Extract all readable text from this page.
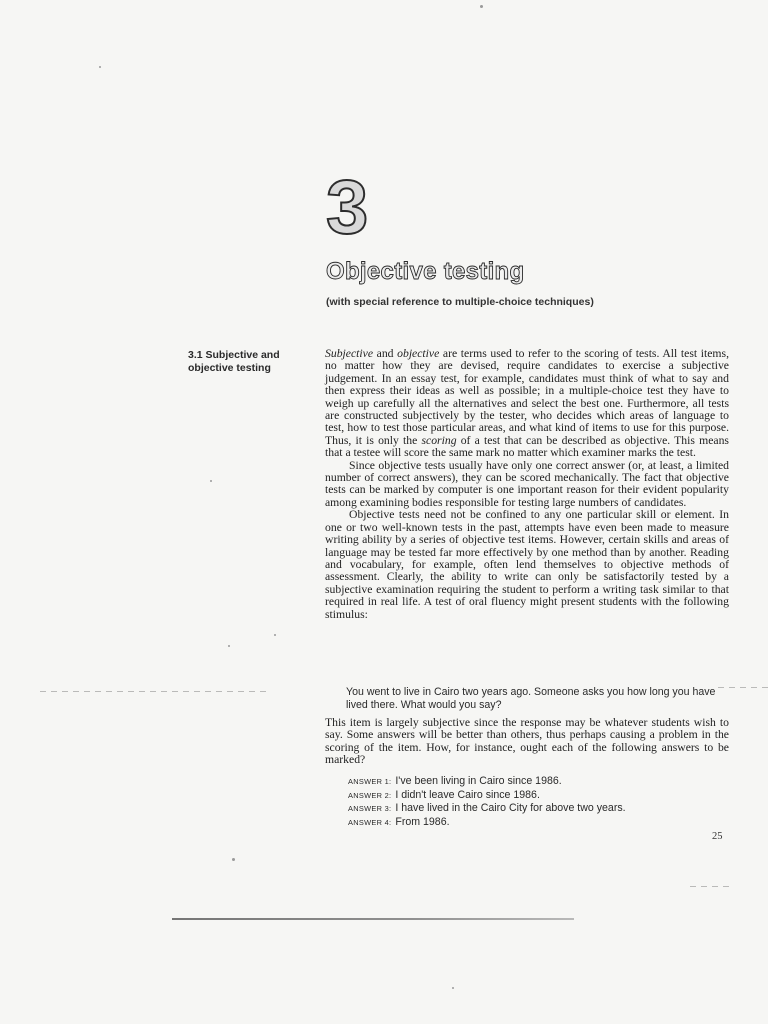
3
Objective testing
(with special reference to multiple-choice techniques)
3.1 Subjective and
objective testing

Subjective and objective are terms used to refer to the scoring of tests. All test items, no matter how they are devised, require candidates to exercise a subjective judgement. In an essay test, for example, candidates must think of what to say and then express their ideas as well as possible; in a multiple-choice test they have to weigh up carefully all the alternatives and select the best one. Furthermore, all tests are constructed subjectively by the tester, who decides which areas of language to test, how to test those particular areas, and what kind of items to use for this purpose. Thus, it is only the scoring of a test that can be described as objective. This means that a testee will score the same mark no matter which examiner marks the test.

Since objective tests usually have only one correct answer (or, at least, a limited number of correct answers), they can be scored mechanically. The fact that objective tests can be marked by computer is one important reason for their evident popularity among examining bodies responsible for testing large numbers of candidates.

Objective tests need not be confined to any one particular skill or element. In one or two well-known tests in the past, attempts have even been made to measure writing ability by a series of objective test items. However, certain skills and areas of language may be tested far more effectively by one method than by another. Reading and vocabulary, for example, often lend themselves to objective methods of assessment. Clearly, the ability to write can only be satisfactorily tested by a subjective examination requiring the student to perform a writing task similar to that required in real life. A test of oral fluency might present students with the following stimulus:

You went to live in Cairo two years ago. Someone asks you how long you have lived there. What would you say?
This item is largely subjective since the response may be whatever students wish to say. Some answers will be better than others, thus perhaps causing a problem in the scoring of the item. How, for instance, ought each of the following answers to be marked?
ANSWER 1: I've been living in Cairo since 1986.
ANSWER 2: I didn't leave Cairo since 1986.
ANSWER 3: I have lived in the Cairo City for above two years.
ANSWER 4: From 1986.
25
